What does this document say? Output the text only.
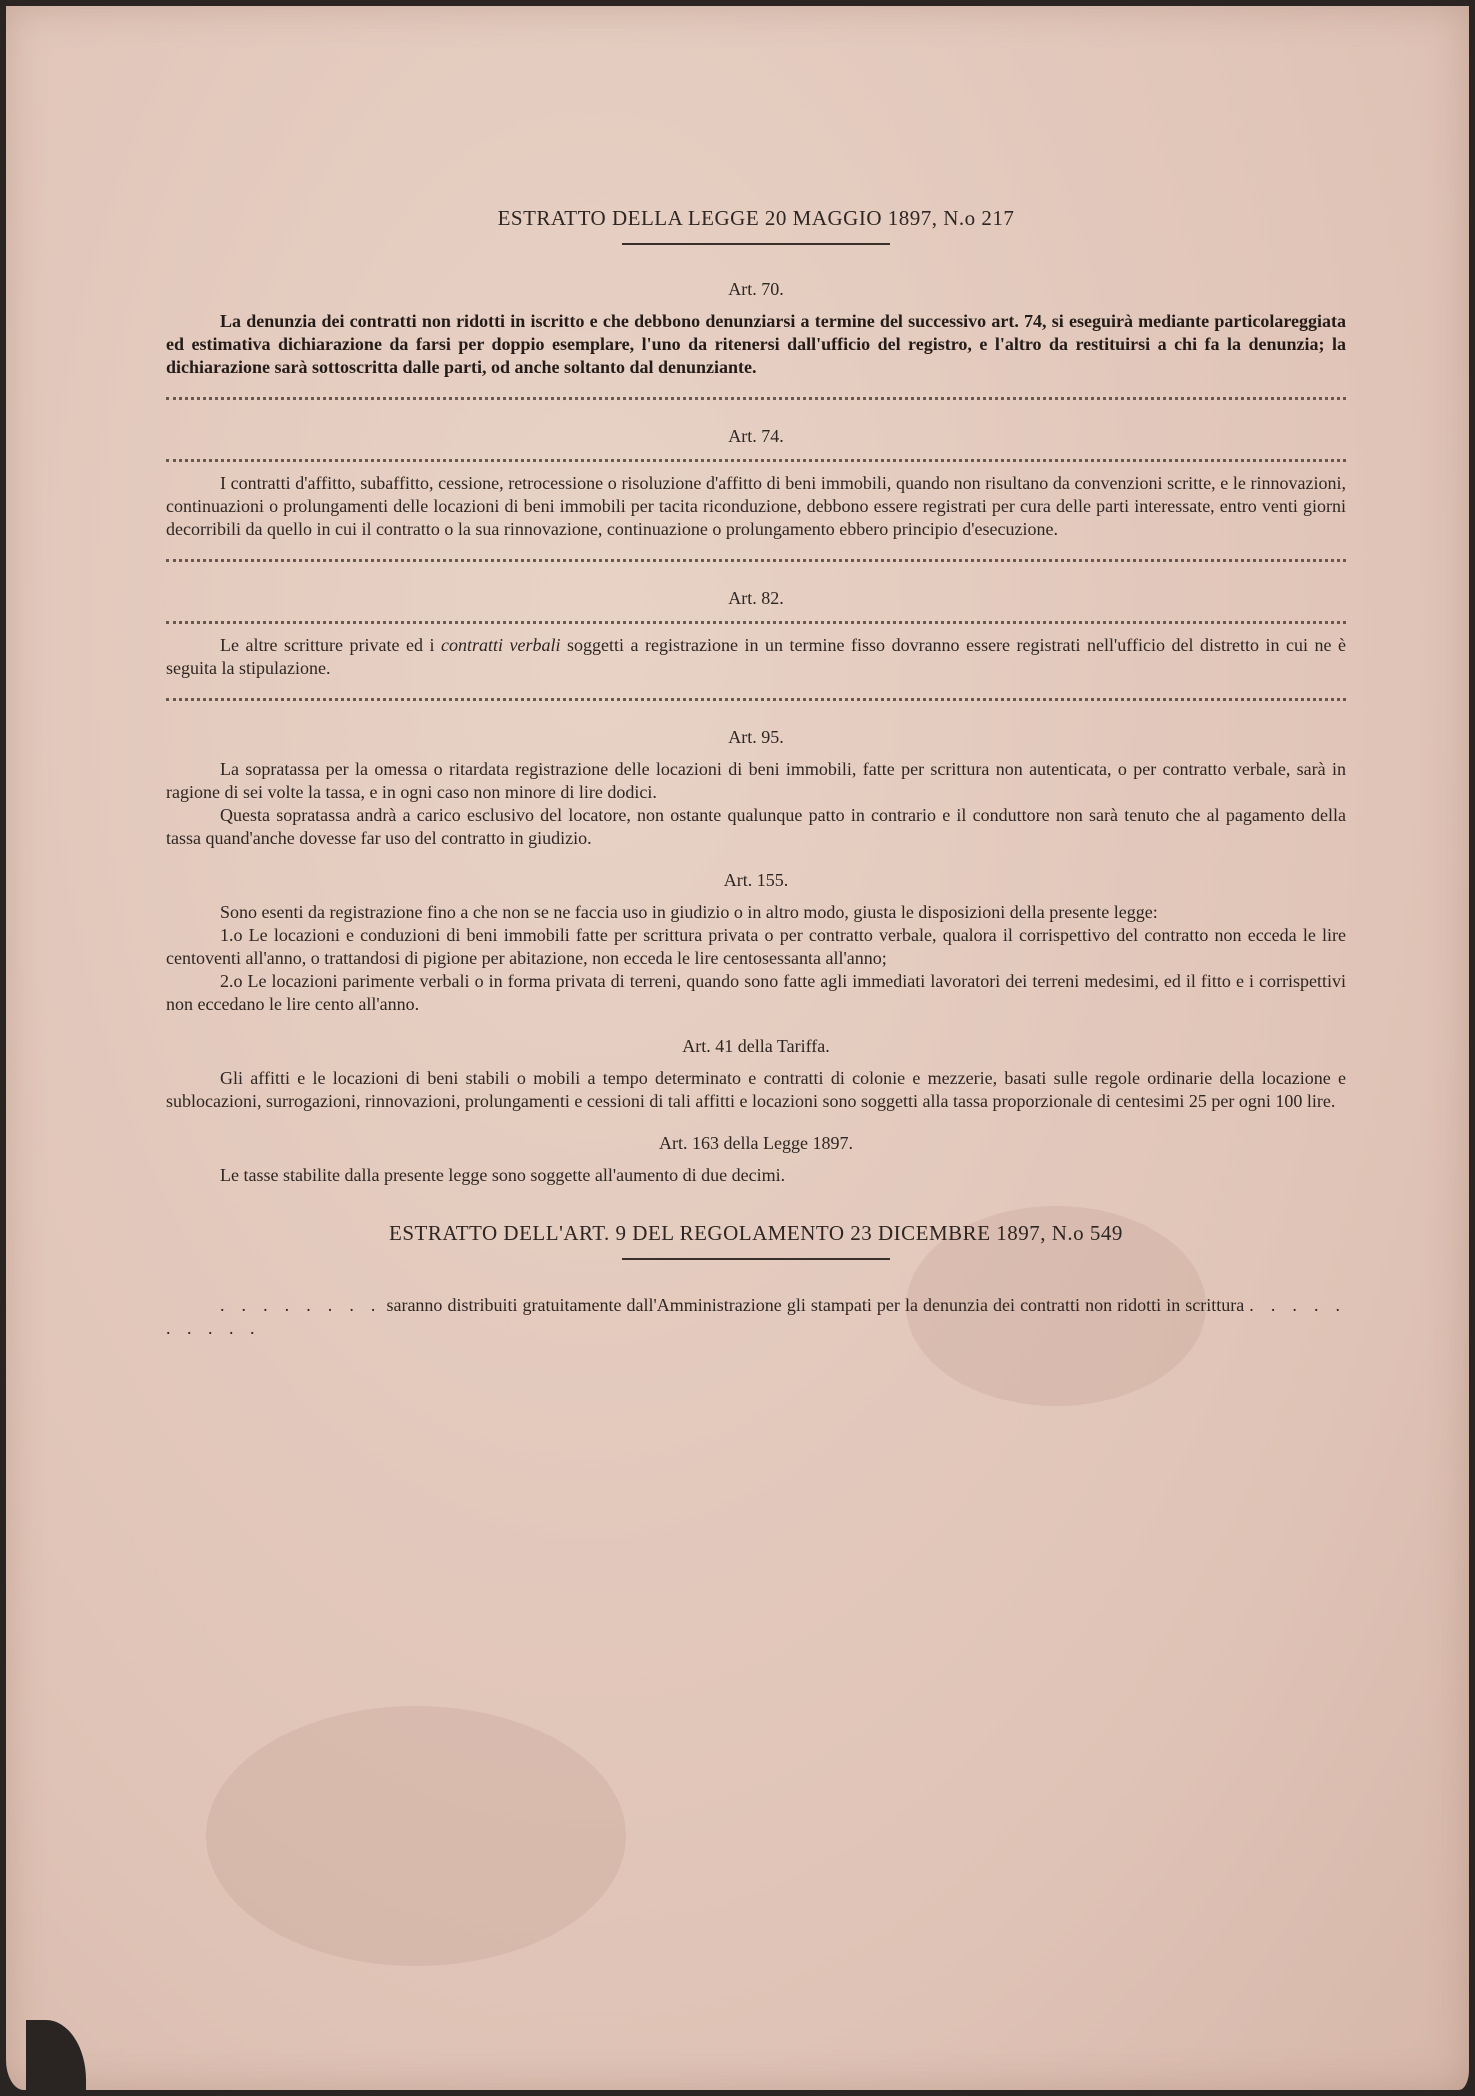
ESTRATTO DELLA LEGGE 20 MAGGIO 1897, N.o 217
Art. 70.

La denunzia dei contratti non ridotti in iscritto e che debbono denunziarsi a termine del successivo art. 74, si eseguirà mediante particolareggiata ed estimativa dichiarazione da farsi per doppio esemplare, l'uno da ritenersi dall'ufficio del registro, e l'altro da restituirsi a chi fa la denunzia; la dichiarazione sarà sottoscritta dalle parti, od anche soltanto dal denunziante.

Art. 74.

I contratti d'affitto, subaffitto, cessione, retrocessione o risoluzione d'affitto di beni immobili, quando non risultano da convenzioni scritte, e le rinnovazioni, continuazioni o prolungamenti delle locazioni di beni immobili per tacita riconduzione, debbono essere registrati per cura delle parti interessate, entro venti giorni decorribili da quello in cui il contratto o la sua rinnovazione, continuazione o prolungamento ebbero principio d'esecuzione.

Art. 82.

Le altre scritture private ed i contratti verbali soggetti a registrazione in un termine fisso dovranno essere registrati nell'ufficio del distretto in cui ne è seguita la stipulazione.

Art. 95.

La sopratassa per la omessa o ritardata registrazione delle locazioni di beni immobili, fatte per scrittura non autenticata, o per contratto verbale, sarà in ragione di sei volte la tassa, e in ogni caso non minore di lire dodici.

Questa sopratassa andrà a carico esclusivo del locatore, non ostante qualunque patto in contrario e il conduttore non sarà tenuto che al pagamento della tassa quand'anche dovesse far uso del contratto in giudizio.

Art. 155.

Sono esenti da registrazione fino a che non se ne faccia uso in giudizio o in altro modo, giusta le disposizioni della presente legge:

1.o Le locazioni e conduzioni di beni immobili fatte per scrittura privata o per contratto verbale, qualora il corrispettivo del contratto non ecceda le lire centoventi all'anno, o trattandosi di pigione per abitazione, non ecceda le lire centosessanta all'anno;

2.o Le locazioni parimente verbali o in forma privata di terreni, quando sono fatte agli immediati lavoratori dei terreni medesimi, ed il fitto e i corrispettivi non eccedano le lire cento all'anno.

Art. 41 della Tariffa.

Gli affitti e le locazioni di beni stabili o mobili a tempo determinato e contratti di colonie e mezzerie, basati sulle regole ordinarie della locazione e sublocazioni, surrogazioni, rinnovazioni, prolungamenti e cessioni di tali affitti e locazioni sono soggetti alla tassa proporzionale di centesimi 25 per ogni 100 lire.

Art. 163 della Legge 1897.

Le tasse stabilite dalla presente legge sono soggette all'aumento di due decimi.

ESTRATTO DELL'ART. 9 DEL REGOLAMENTO 23 DICEMBRE 1897, N.o 549

. . . . . . . . saranno distribuiti gratuitamente dall'Amministrazione gli stampati per la denunzia dei contratti non ridotti in scrittura . . . . . . . . . .
